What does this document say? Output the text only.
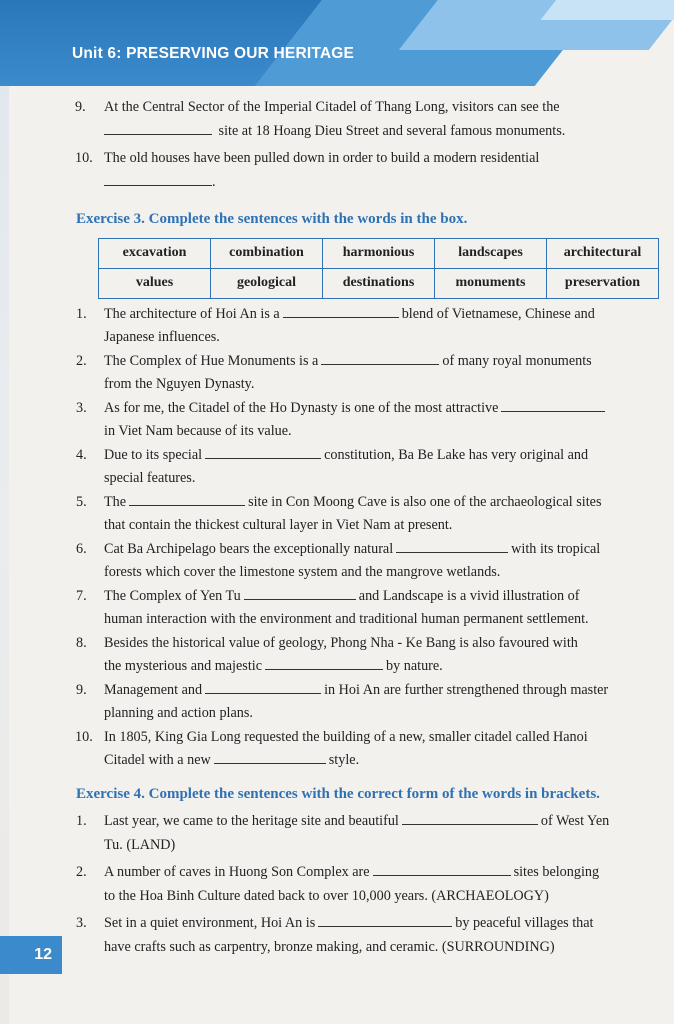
Unit 6: PRESERVING OUR HERITAGE
9. At the Central Sector of the Imperial Citadel of Thang Long, visitors can see the
site at 18 Hoang Dieu Street and several famous monuments.
10. The old houses have been pulled down in order to build a modern residential
.
Exercise 3. Complete the sentences with the words in the box.
excavation	combination	harmonious	landscapes	architectural
values	geological	destinations	monuments	preservation
1. The architecture of Hoi An is a	blend of Vietnamese, Chinese and
Japanese influences.
2. The Complex of Hue Monuments is a	of many royal monuments
from the Nguyen Dynasty.
3. As for me, the Citadel of the Ho Dynasty is one of the most attractive
in Viet Nam because of its value.
4. Due to its special	constitution, Ba Be Lake has very original and
special features.
5. The	site in Con Moong Cave is also one of the archaeological sites
that contain the thickest cultural layer in Viet Nam at present.
6. Cat Ba Archipelago bears the exceptionally natural	with its tropical
forests which cover the limestone system and the mangrove wetlands.
7. The Complex of Yen Tu	and Landscape is a vivid illustration of
human interaction with the environment and traditional human permanent settlement.
8. Besides the historical value of geology, Phong Nha - Ke Bang is also favoured with
the mysterious and majestic	by nature.
9. Management and	in Hoi An are further strengthened through master
planning and action plans.
10. In 1805, King Gia Long requested the building of a new, smaller citadel called Hanoi
Citadel with a new	style.
Exercise 4. Complete the sentences with the correct form of the words in brackets.
1. Last year, we came to the heritage site and beautiful	of West Yen
Tu. (LAND)
2. A number of caves in Huong Son Complex are	sites belonging
to the Hoa Binh Culture dated back to over 10,000 years. (ARCHAEOLOGY)
3. Set in a quiet environment, Hoi An is	by peaceful villages that
have crafts such as carpentry, bronze making, and ceramic. (SURROUNDING)
12
